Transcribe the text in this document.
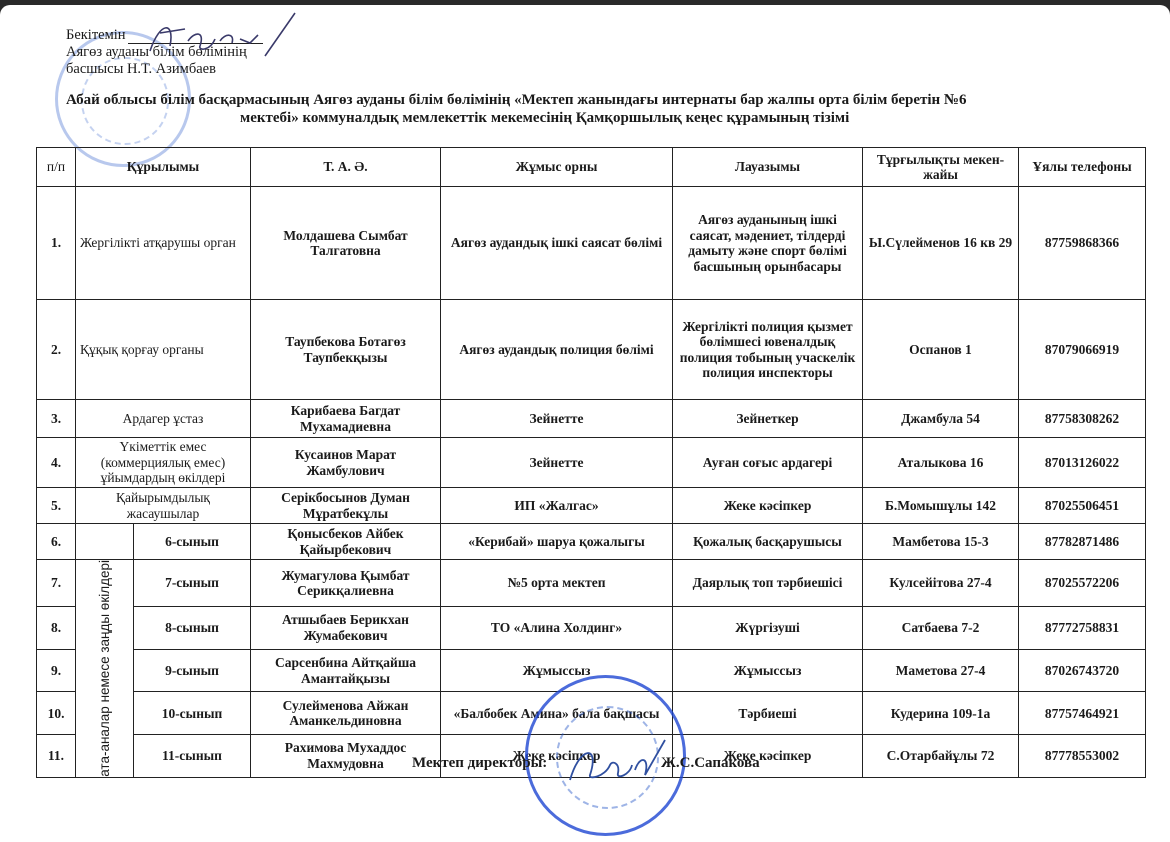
Бекітемін
Аягөз ауданы білім бөлімінің
басшысы Н.Т. Азимбаев
Абай облысы білім басқармасының Аягөз ауданы білім бөлімінің «Мектеп жанындағы интернаты бар жалпы орта білім беретін №6
мектебі» коммуналдық мемлекеттік мекемесінің Қамқоршылық кеңес құрамының тізімі
п/п	Құрылымы		Т. А. Ә.	Жұмыс орны	Лауазымы	Тұрғылықты мекен-жайы	Ұялы телефоны
1.	Жергілікті атқарушы орган		Молдашева Сымбат Талгатовна	Аягөз аудандық ішкі саясат бөлімі	Аягөз ауданының ішкі саясат, мәдениет, тілдерді дамыту және спорт бөлімі басшының орынбасары	Ы.Сүлейменов 16 кв 29	87759868366
2.	Құқық қорғау органы		Таупбекова Ботагөз Таупбекқызы	Аягөз аудандық полиция бөлімі	Жергілікті полиция қызмет бөлімшесі ювеналдық полиция тобының учаскелік полиция инспекторы	Оспанов 1	87079066919
3.	Ардагер ұстаз		Карибаева Багдат Мухамадиевна	Зейнетте	Зейнеткер	Джамбула 54	87758308262
4.	Үкіметтік емес (коммерциялық емес) ұйымдардың өкілдері		Кусаинов Марат Жамбулович	Зейнетте	Ауған соғыс ардагері	Аталыкова 16	87013126022
5.	Қайырымдылық жасаушылар		Серікбосынов Думан Мұратбекұлы	ИП «Жалгас»	Жеке кәсіпкер	Б.Момышұлы 142	87025506451
6.		6-сынып	Қонысбеков Айбек Қайырбекович	«Керибай» шаруа қожалыгы	Қожалық басқарушысы	Мамбетова 15-3	87782871486
7.	ата-аналар немесе заңды өкілдері	7-сынып	Жумагулова Қымбат Серикқалиевна	№5 орта мектеп	Даярлық топ тәрбиешісі	Кулсейітова 27-4	87025572206
8.		8-сынып	Атшыбаев Берикхан Жумабекович	ТО «Алина Холдинг»	Жүргізуші	Сатбаева 7-2	87772758831
9.		9-сынып	Сарсенбина Айтқайша Амантайқызы	Жұмыссыз	Жұмыссыз	Маметова 27-4	87026743720
10.		10-сынып	Сулейменова Айжан Аманкельдиновна	«Балбобек Амина» бала бақшасы	Тәрбиеші	Кудерина 109-1а	87757464921
11.		11-сынып	Рахимова Мухаддос Махмудовна	Жеке кәсіпкер	Жеке кәсіпкер	С.Отарбайұлы 72	87778553002
Мектеп директоры:	Ж.С.Сапакова
